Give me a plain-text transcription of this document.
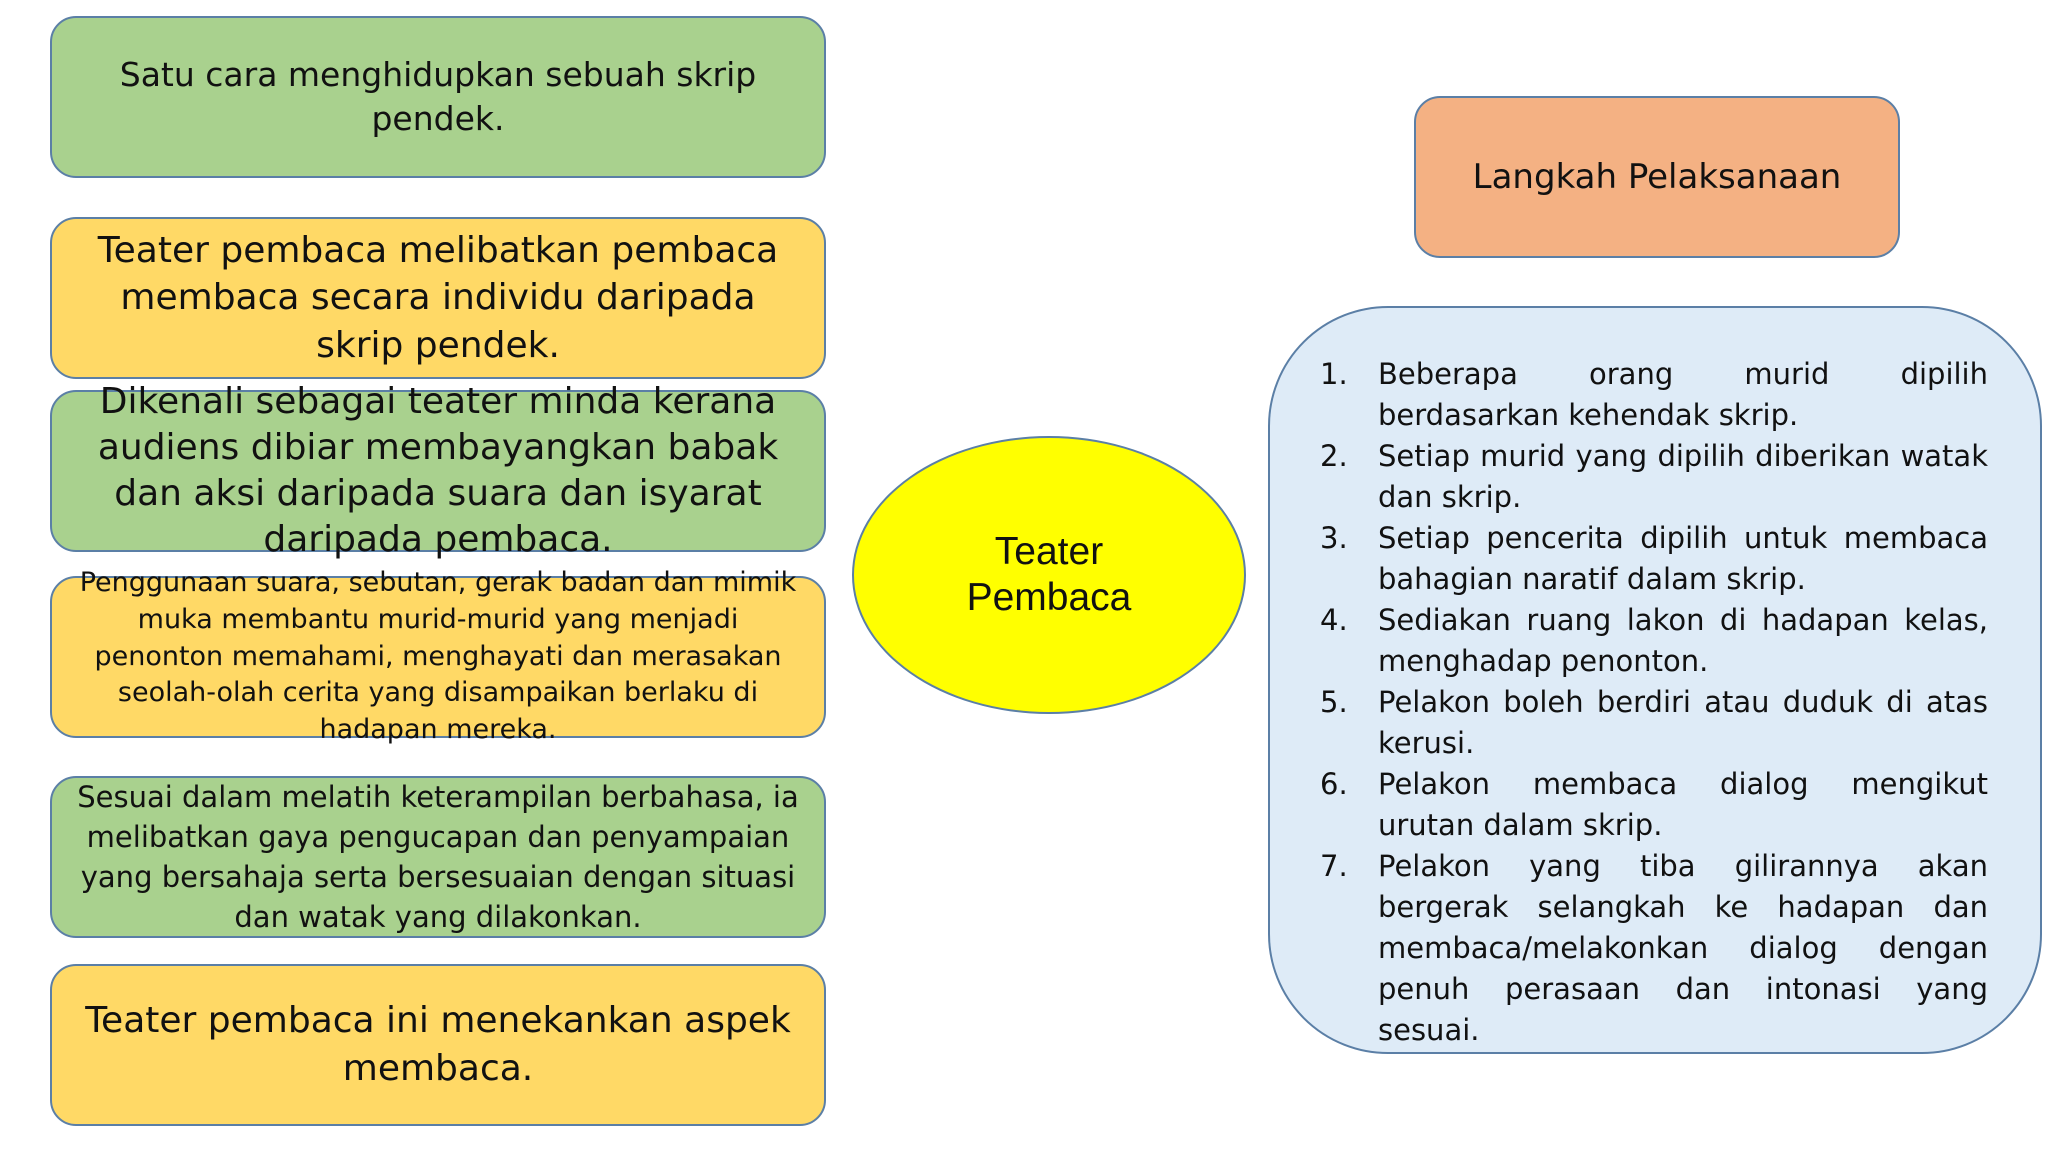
Satu cara menghidupkan sebuah skrip pendek.
Teater pembaca melibatkan pembaca membaca secara individu daripada skrip pendek.
Dikenali sebagai teater minda kerana audiens dibiar membayangkan babak dan aksi daripada suara dan isyarat daripada pembaca.
Penggunaan suara, sebutan, gerak badan dan mimik muka membantu murid-murid yang menjadi penonton memahami, menghayati dan merasakan seolah-olah cerita yang disampaikan berlaku di hadapan mereka.
Sesuai dalam melatih keterampilan berbahasa, ia melibatkan gaya pengucapan dan penyampaian yang bersahaja serta bersesuaian dengan situasi dan watak yang dilakonkan.
Teater pembaca ini menekankan aspek membaca.
Teater Pembaca
Langkah Pelaksanaan
1.	Beberapa orang murid dipilih berdasarkan kehendak skrip.
2.	Setiap murid yang dipilih diberikan watak dan skrip.
3.	Setiap pencerita dipilih untuk membaca bahagian naratif dalam skrip.
4.	Sediakan ruang lakon di hadapan kelas, menghadap penonton.
5.	Pelakon boleh berdiri atau duduk di atas kerusi.
6.	Pelakon membaca dialog mengikut urutan dalam skrip.
7.	Pelakon yang tiba gilirannya akan bergerak selangkah ke hadapan dan membaca/melakonkan dialog dengan penuh perasaan dan intonasi yang sesuai.
